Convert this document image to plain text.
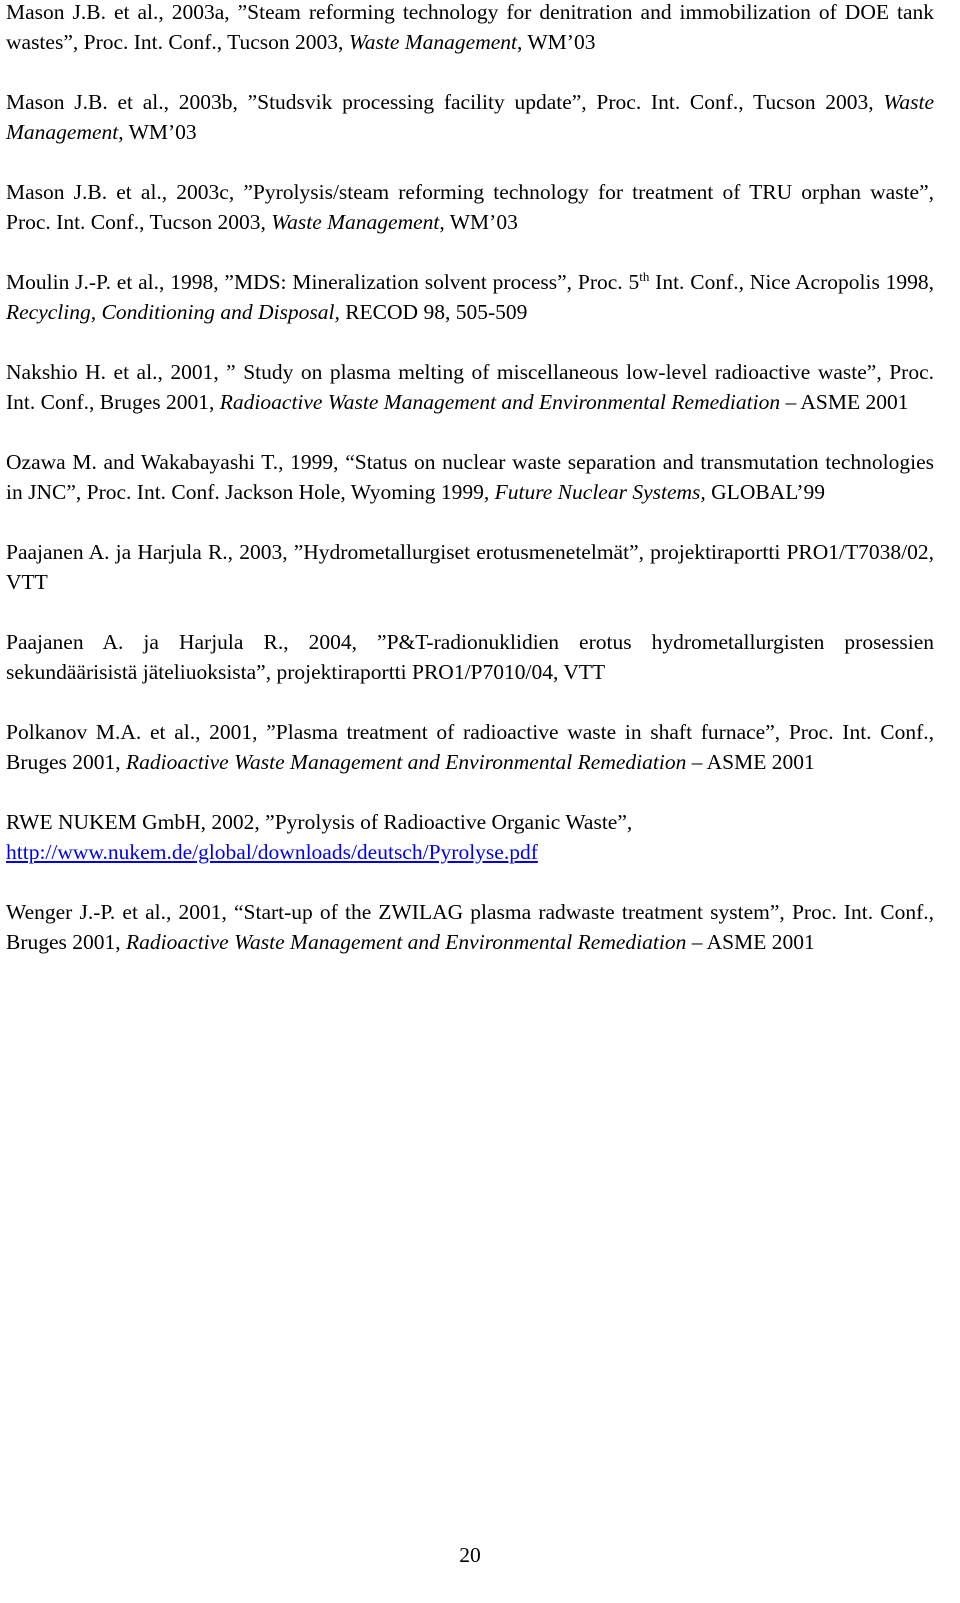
Mason J.B. et al., 2003a, ”Steam reforming technology for denitration and immobilization of DOE tank wastes”, Proc. Int. Conf., Tucson 2003, Waste Management, WM’03

Mason J.B. et al., 2003b, ”Studsvik processing facility update”, Proc. Int. Conf., Tucson 2003, Waste Management, WM’03

Mason J.B. et al., 2003c, ”Pyrolysis/steam reforming technology for treatment of TRU orphan waste”, Proc. Int. Conf., Tucson 2003, Waste Management, WM’03

Moulin J.-P. et al., 1998, ”MDS: Mineralization solvent process”, Proc. 5th Int. Conf., Nice Acropolis 1998, Recycling, Conditioning and Disposal, RECOD 98, 505-509

Nakshio H. et al., 2001, ” Study on plasma melting of miscellaneous low-level radioactive waste”, Proc. Int. Conf., Bruges 2001, Radioactive Waste Management and Environmental Remediation – ASME 2001

Ozawa M. and Wakabayashi T., 1999, “Status on nuclear waste separation and transmutation technologies in JNC”, Proc. Int. Conf. Jackson Hole, Wyoming 1999, Future Nuclear Systems, GLOBAL’99

Paajanen A. ja Harjula R., 2003, ”Hydrometallurgiset erotusmenetelmät”, projektiraportti PRO1/T7038/02, VTT

Paajanen A. ja Harjula R., 2004, ”P&T-radionuklidien erotus hydrometallurgisten prosessien sekundäärisistä jäteliuoksista”, projektiraportti PRO1/P7010/04, VTT

Polkanov M.A. et al., 2001, ”Plasma treatment of radioactive waste in shaft furnace”, Proc. Int. Conf., Bruges 2001, Radioactive Waste Management and Environmental Remediation – ASME 2001

RWE NUKEM GmbH, 2002, ”Pyrolysis of Radioactive Organic Waste”, http://www.nukem.de/global/downloads/deutsch/Pyrolyse.pdf

Wenger J.-P. et al., 2001, “Start-up of the ZWILAG plasma radwaste treatment system”, Proc. Int. Conf., Bruges 2001, Radioactive Waste Management and Environmental Remediation – ASME 2001

20
